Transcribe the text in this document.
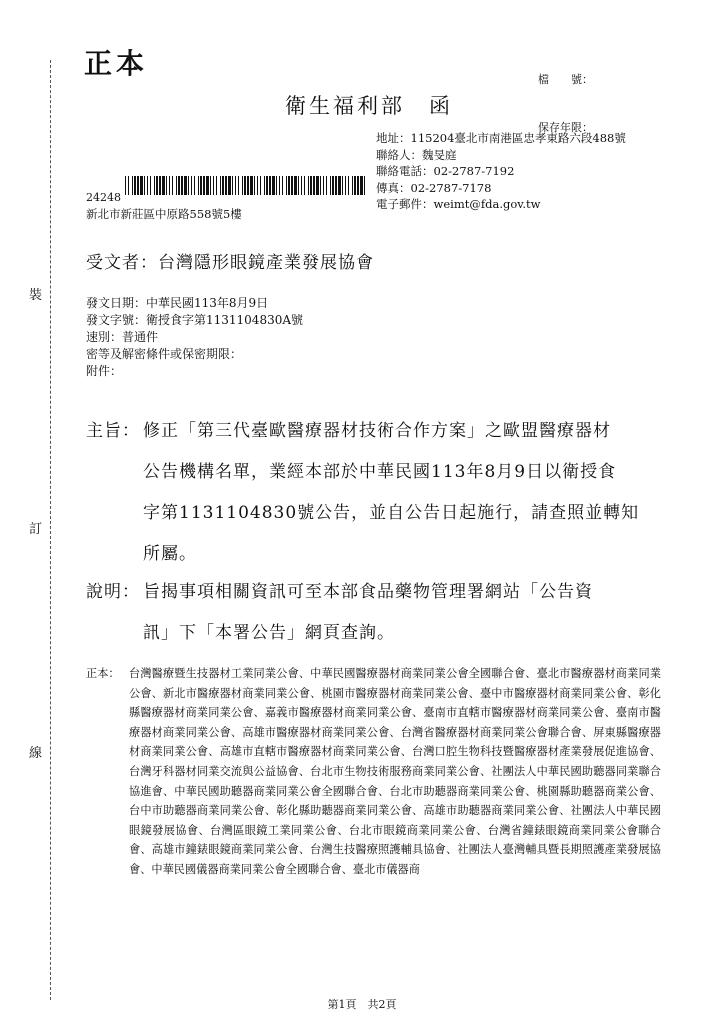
裝
訂
線
正本

	檔　　號：

保存年限：

衛生福利部　函
地址：115204臺北市南港區忠孝東路六段488號
聯絡人：魏旻庭
聯絡電話：02-2787-7192
傳真：02-2787-7178
電子郵件：weimt@fda.gov.tw
24248
新北市新莊區中原路558號5樓
受文者：台灣隱形眼鏡產業發展協會
發文日期：中華民國113年8月9日
發文字號：衛授食字第1131104830A號
速別：普通件
密等及解密條件或保密期限：
附件：
主旨： 修正「第三代臺歐醫療器材技術合作方案」之歐盟醫療器材
公告機構名單，業經本部於中華民國113年8月9日以衛授食
字第1131104830號公告，並自公告日起施行，請查照並轉知
所屬。
說明： 旨揭事項相關資訊可至本部食品藥物管理署網站「公告資
訊」下「本署公告」網頁查詢。
正本： 台灣醫療暨生技器材工業同業公會、中華民國醫療器材商業同業公會全國聯合會、臺北市醫療器材商業同業公會、新北市醫療器材商業同業公會、桃園市醫療器材商業同業公會、臺中市醫療器材商業同業公會、彰化縣醫療器材商業同業公會、嘉義市醫療器材商業同業公會、臺南市直轄市醫療器材商業同業公會、臺南市醫療器材商業同業公會、高雄市醫療器材商業同業公會、台灣省醫療器材商業同業公會聯合會、屏東縣醫療器材商業同業公會、高雄市直轄市醫療器材商業同業公會、台灣口腔生物科技暨醫療器材產業發展促進協會、台灣牙科器材同業交流與公益協會、台北市生物技術服務商業同業公會、社團法人中華民國助聽器同業聯合協進會、中華民國助聽器商業同業公會全國聯合會、台北市助聽器商業同業公會、桃園縣助聽器商業公會、台中市助聽器商業同業公會、彰化縣助聽器商業同業公會、高雄市助聽器商業同業公會、社團法人中華民國眼鏡發展協會、台灣區眼鏡工業同業公會、台北市眼鏡商業同業公會、台灣省鐘錶眼鏡商業同業公會聯合會、高雄市鐘錶眼鏡商業同業公會、台灣生技醫療照護輔具協會、社團法人臺灣輔具暨長期照護產業發展協會、中華民國儀器商業同業公會全國聯合會、臺北市儀器商
第1頁　共2頁
